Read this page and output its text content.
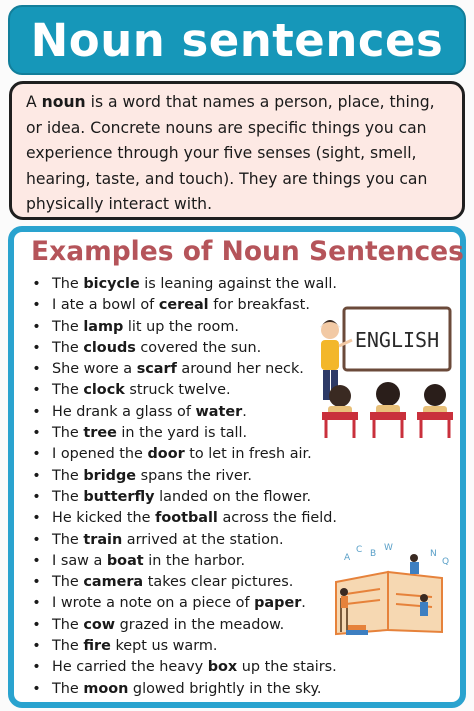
Noun sentences

A noun is a word that names a person, place, thing, or idea. Concrete nouns are specific things you can experience through your five senses (sight, smell, hearing, taste, and touch). They are things you can physically interact with.

Examples of Noun Sentences
• The bicycle is leaning against the wall.
• I ate a bowl of cereal for breakfast.
• The lamp lit up the room.
• The clouds covered the sun.
• She wore a scarf around her neck.
• The clock struck twelve.
• He drank a glass of water.
• The tree in the yard is tall.
• I opened the door to let in fresh air.
• The bridge spans the river.
• The butterfly landed on the flower.
• He kicked the football across the field.
• The train arrived at the station.
• I saw a boat in the harbor.
• The camera takes clear pictures.
• I wrote a note on a piece of paper.
• The cow grazed in the meadow.
• The fire kept us warm.
• He carried the heavy box up the stairs.
• The moon glowed brightly in the sky.
ENGLISH
A
C B
W
N
Q
